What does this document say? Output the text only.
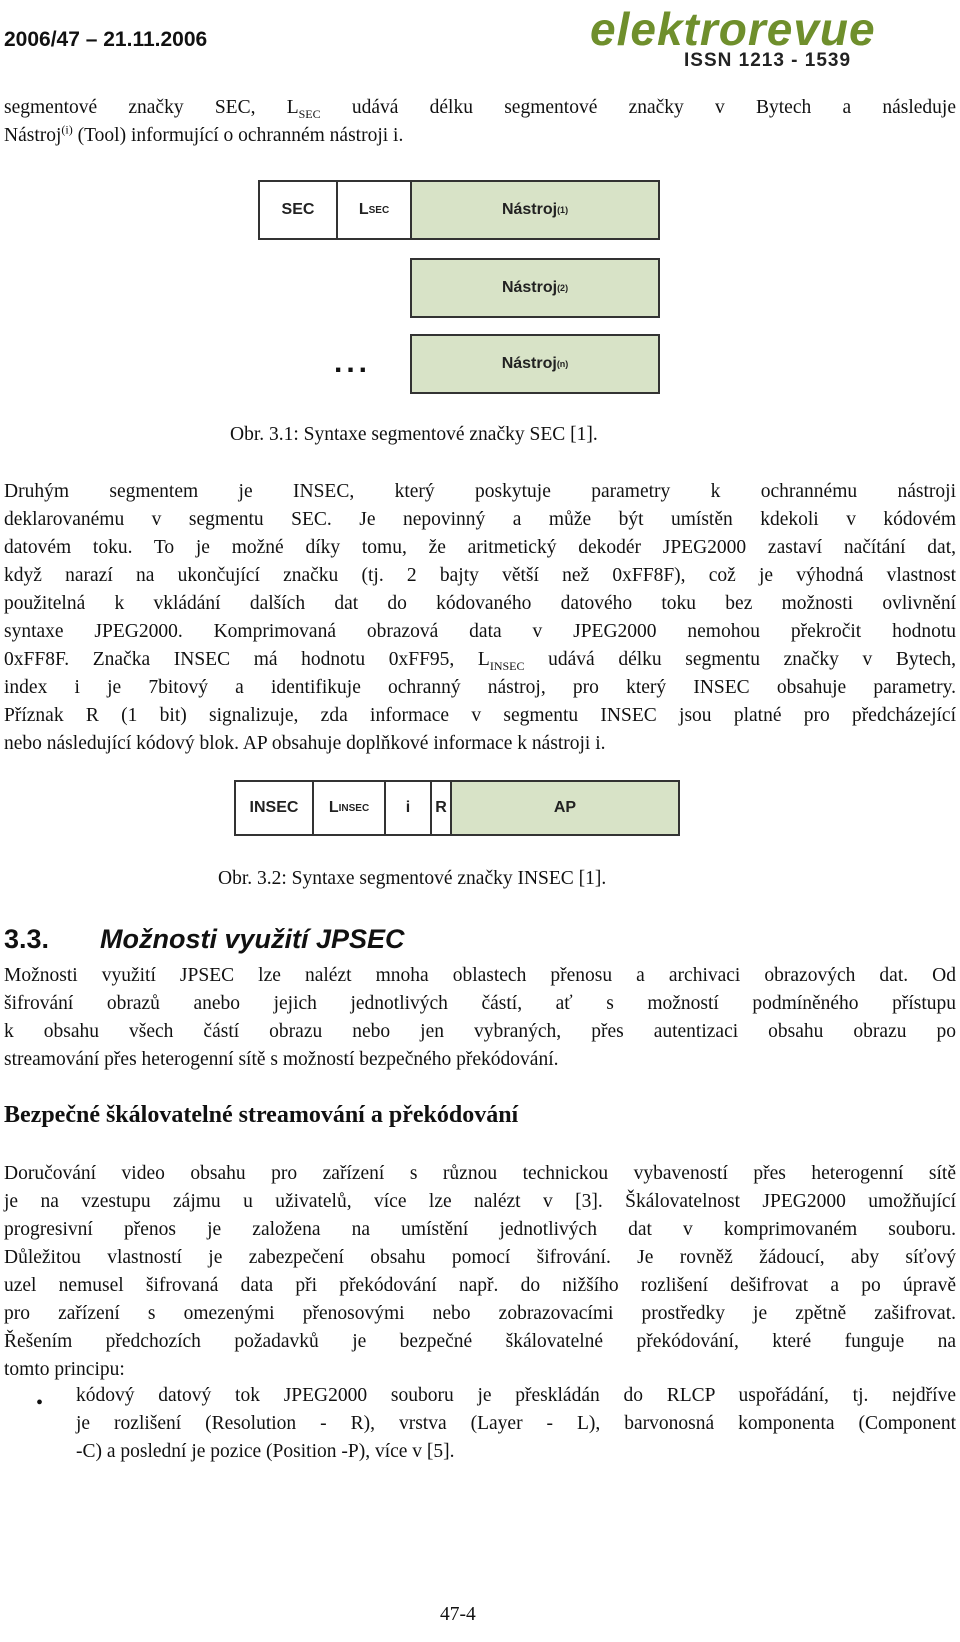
2006/47 – 21.11.2006	elektrorevue
ISSN 1213 - 1539
segmentové značky SEC, $L_{SEC}$ udává délku segmentové značky v Bytech a následuje
Nástroj$^{(i)}$ (Tool) informující o ochranném nástroji i.
SEC	L SEC	Nástroj (1)
Nástroj (2)
...	Nástroj (n)
Obr. 3.1: Syntaxe segmentové značky SEC [1].
Druhým segmentem je INSEC, který poskytuje parametry k ochrannému nástroji
deklarovanému v segmentu SEC. Je nepovinný a může být umístěn kdekoli v kódovém
datovém toku. To je možné díky tomu, že aritmetický dekodér JPEG2000 zastaví načítání dat,
když narazí na ukončující značku (tj. 2 bajty větší než 0xFF8F), což je výhodná vlastnost
použitelná k vkládání dalších dat do kódovaného datového toku bez možnosti ovlivnění
syntaxe JPEG2000. Komprimovaná obrazová data v JPEG2000 nemohou překročit hodnotu
0xFF8F. Značka INSEC má hodnotu 0xFF95, $L_{INSEC}$ udává délku segmentu značky v Bytech,
index i je 7bitový a identifikuje ochranný nástroj, pro který INSEC obsahuje parametry.
Příznak R (1 bit) signalizuje, zda informace v segmentu INSEC jsou platné pro předcházející
nebo následující kódový blok. AP obsahuje doplňkové informace k nástroji i.
INSEC	L INSEC	i	R	AP
Obr. 3.2: Syntaxe segmentové značky INSEC [1].
3.3. Možnosti využití JPSEC
Možnosti využití JPSEC lze nalézt mnoha oblastech přenosu a archivaci obrazových dat. Od
šifrování obrazů anebo jejich jednotlivých částí, ať s možností podmíněného přístupu
k obsahu všech částí obrazu nebo jen vybraných, přes autentizaci obsahu obrazu po
streamování přes heterogenní sítě s možností bezpečného překódování.
Bezpečné škálovatelné streamování a překódování
Doručování video obsahu pro zařízení s různou technickou vybaveností přes heterogenní sítě
je na vzestupu zájmu u uživatelů, více lze nalézt v [3]. Škálovatelnost JPEG2000 umožňující
progresivní přenos je založena na umístění jednotlivých dat v komprimovaném souboru.
Důležitou vlastností je zabezpečení obsahu pomocí šifrování. Je rovněž žádoucí, aby síťový
uzel nemusel šifrovaná data při překódování např. do nižšího rozlišení dešifrovat a po úpravě
pro zařízení s omezenými přenosovými nebo zobrazovacími prostředky je zpětně zašifrovat.
Řešením předchozích požadavků je bezpečné škálovatelné překódování, které funguje na
tomto principu:
• kódový datový tok JPEG2000 souboru je přeskládán do RLCP uspořádání, tj. nejdříve
je rozlišení (Resolution - R), vrstva (Layer - L), barvonosná komponenta (Component
-C) a poslední je pozice (Position -P), více v [5].
47-4
